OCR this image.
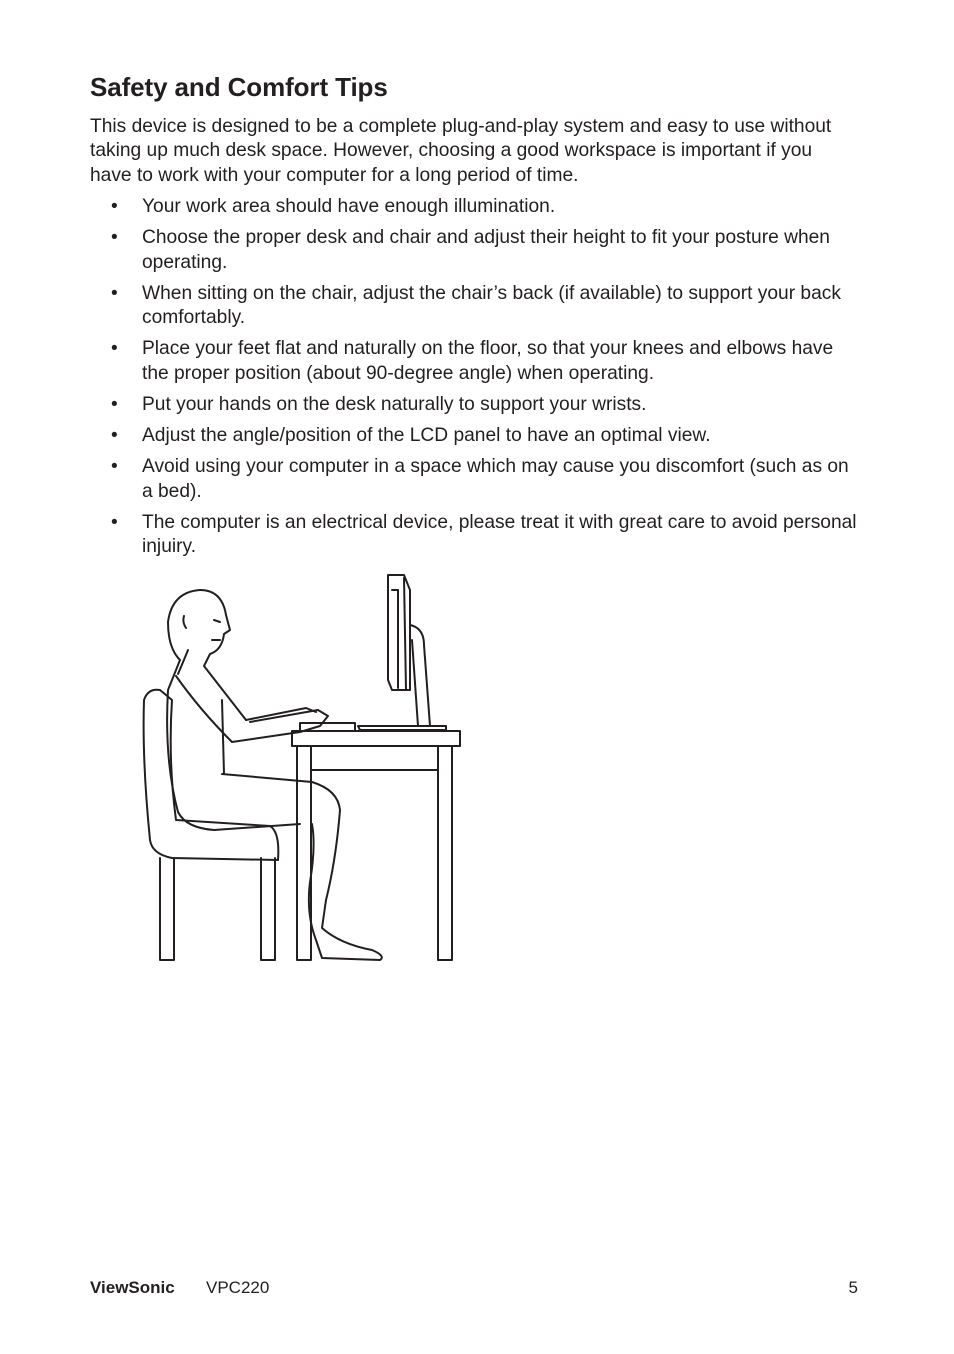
Safety and Comfort Tips

This device is designed to be a complete plug-and-play system and easy to use without taking up much desk space. However, choosing a good workspace is important if you have to work with your computer for a long period of time.

• Your work area should have enough illumination.
• Choose the proper desk and chair and adjust their height to fit your posture when operating.
• When sitting on the chair, adjust the chair’s back (if available) to support your back comfortably.
• Place your feet flat and naturally on the floor, so that your knees and elbows have the proper position (about 90-degree angle) when operating.
• Put your hands on the desk naturally to support your wrists.
• Adjust the angle/position of the LCD panel to have an optimal view.
• Avoid using your computer in a space which may cause you discomfort (such as on a bed).
• The computer is an electrical device, please treat it with great care to avoid personal injuiry.
ViewSonic VPC220	5
